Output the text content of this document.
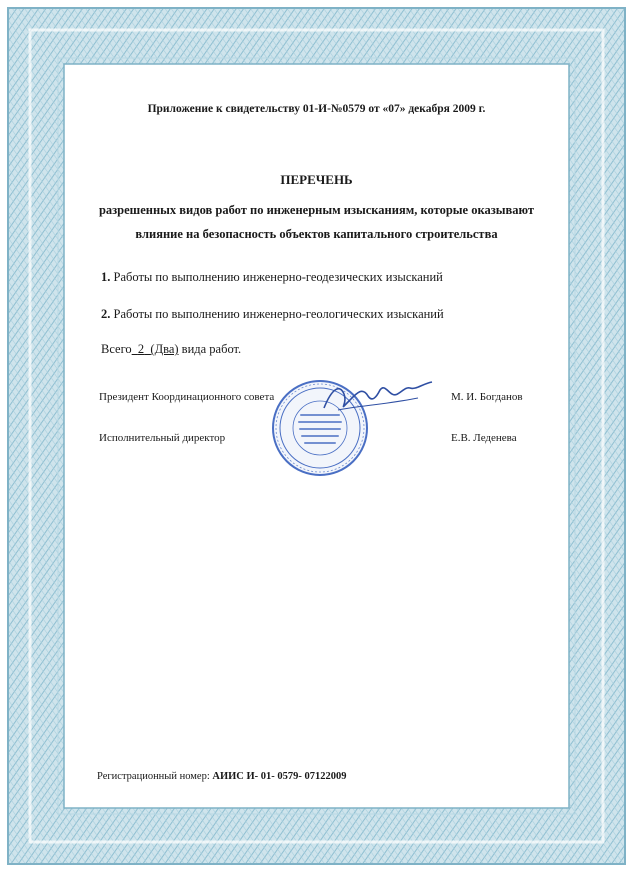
Приложение к свидетельству 01-И-№0579 от «07» декабря 2009 г.
ПЕРЕЧЕНЬ
разрешенных видов работ по инженерным изысканиям, которые оказывают влияние на безопасность объектов капитального строительства
1. Работы по выполнению инженерно-геодезических изысканий
2. Работы по выполнению инженерно-геологических изысканий
Всего 2 (Два) вида работ.
Президент Координационного совета	М. И. Богданов
Исполнительный директор	Е.В. Леденева
Регистрационный номер: АИИС И- 01- 0579- 07122009
